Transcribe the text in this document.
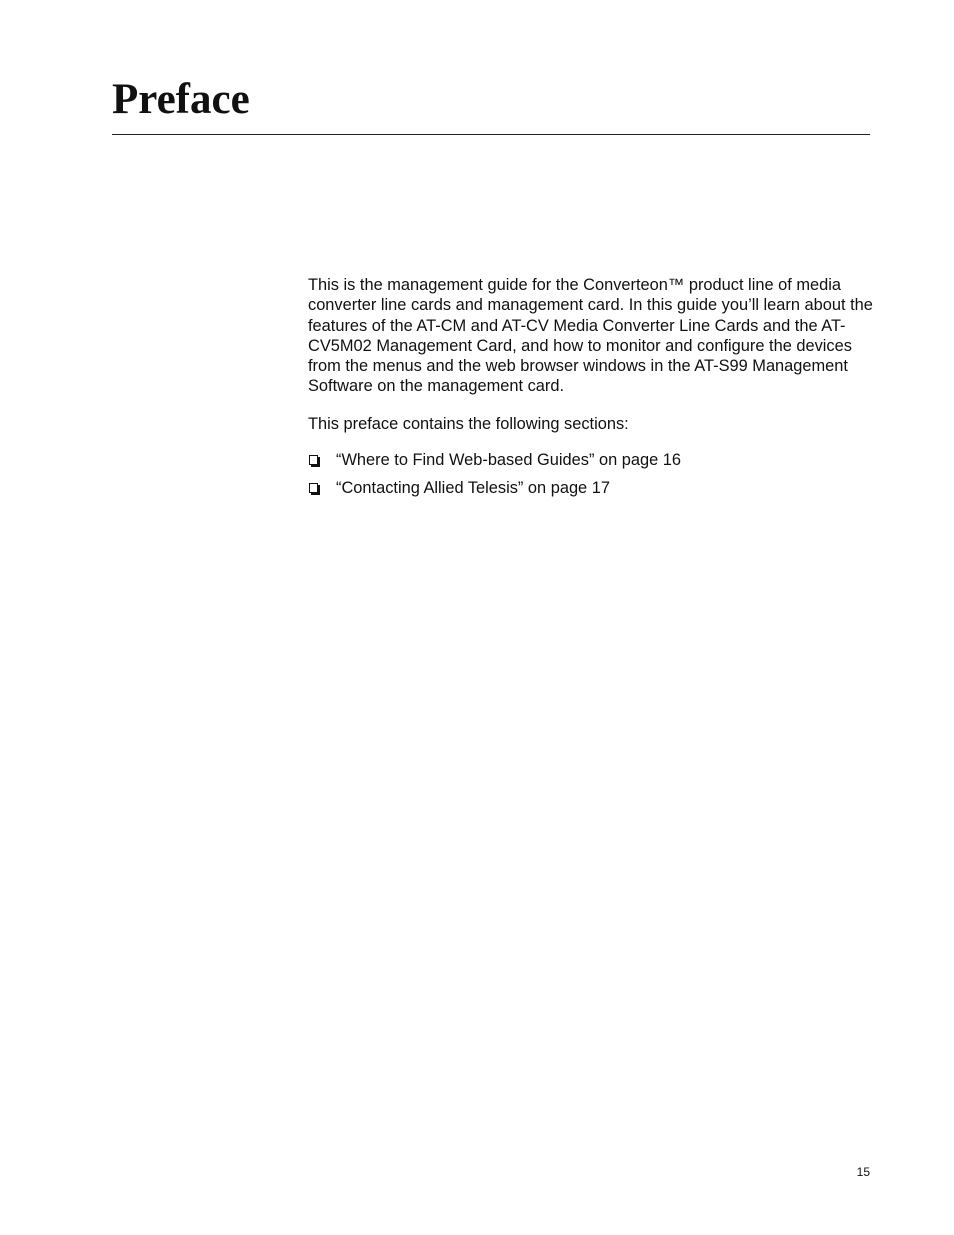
Preface

This is the management guide for the Converteon™ product line of media converter line cards and management card. In this guide you’ll learn about the features of the AT-CM and AT-CV Media Converter Line Cards and the AT-CV5M02 Management Card, and how to monitor and configure the devices from the menus and the web browser windows in the AT-S99 Management Software on the management card.

This preface contains the following sections:

“Where to Find Web-based Guides” on page 16
“Contacting Allied Telesis” on page 17
15
